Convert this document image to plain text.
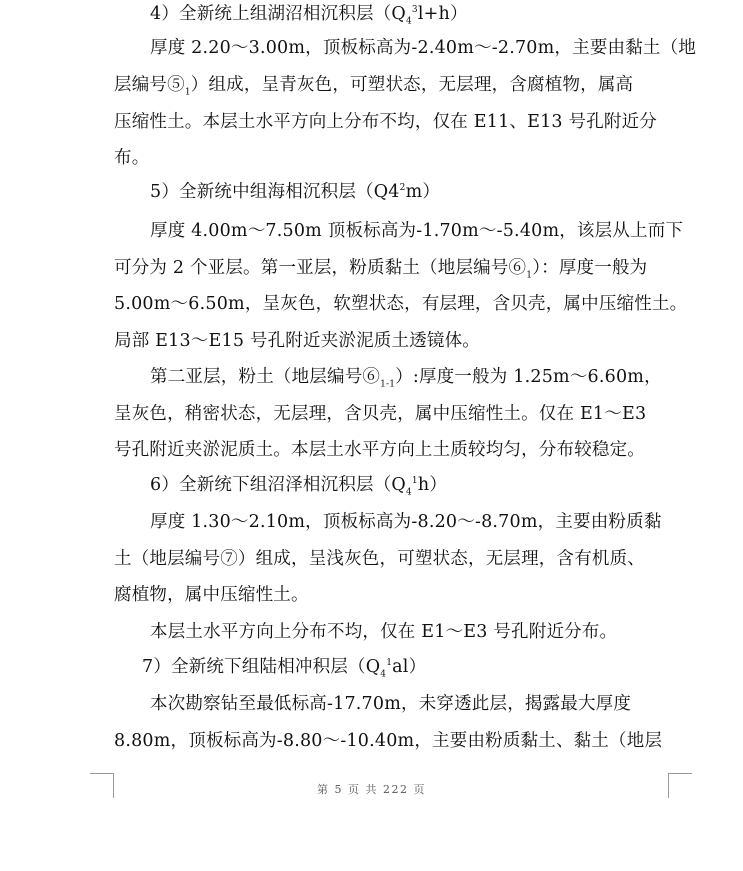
4）全新统上组湖沼相沉积层$(Q_4^3l+h)$
厚度 2.20～3.00m，顶板标高为-2.40m～-2.70m，主要由黏土（地
层编号$⑤_1$）组成，呈青灰色，可塑状态，无层理，含腐植物，属高
压缩性土。本层土水平方向上分布不均，仅在 E11、E13 号孔附近分
布。
5）全新统中组海相沉积层$(Q4^2m)$
厚度 4.00m～7.50m 顶板标高为-1.70m～-5.40m，该层从上而下
可分为 2 个亚层。第一亚层，粉质黏土（地层编号$⑥_1$）：厚度一般为
5.00m～6.50m，呈灰色，软塑状态，有层理，含贝壳，属中压缩性土。
局部 E13～E15 号孔附近夹淤泥质土透镜体。
第二亚层，粉土（地层编号$⑥_{1-1}$）:厚度一般为 1.25m～6.60m，
呈灰色，稍密状态，无层理，含贝壳，属中压缩性土。仅在 E1～E3
号孔附近夹淤泥质土。本层土水平方向上土质较均匀，分布较稳定。
6）全新统下组沼泽相沉积层$(Q_4^1h)$
厚度 1.30～2.10m，顶板标高为-8.20～-8.70m，主要由粉质黏
土（地层编号⑦）组成，呈浅灰色，可塑状态，无层理，含有机质、
腐植物，属中压缩性土。
本层土水平方向上分布不均，仅在 E1～E3 号孔附近分布。
7）全新统下组陆相冲积层$(Q_4^1al)$
本次勘察钻至最低标高-17.70m，未穿透此层，揭露最大厚度
8.80m，顶板标高为-8.80～-10.40m，主要由粉质黏土、黏土（地层
第 5 页 共 222 页
